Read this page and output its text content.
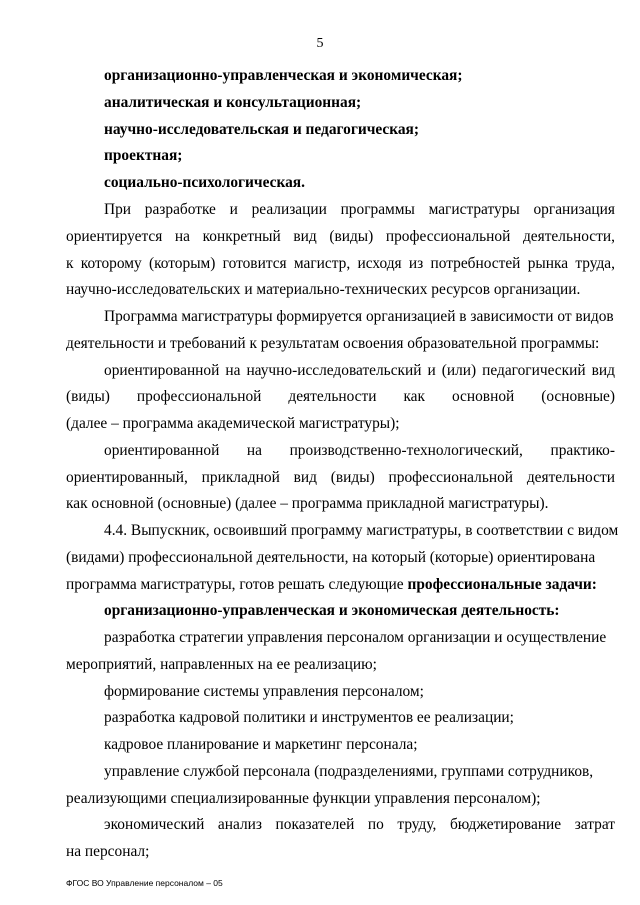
5
организационно-управленческая и экономическая;
аналитическая и консультационная;
научно-исследовательская и педагогическая;
проектная;
социально-психологическая.
При разработке и реализации программы магистратуры организация
ориентируется на конкретный вид (виды) профессиональной деятельности,
к которому (которым) готовится магистр, исходя из потребностей рынка труда,
научно-исследовательских и материально-технических ресурсов организации.
Программа магистратуры формируется организацией в зависимости от видов
деятельности и требований к результатам освоения образовательной программы:
ориентированной на научно-исследовательский и (или) педагогический вид
(виды) профессиональной деятельности как основной (основные)
(далее – программа академической магистратуры);
ориентированной на производственно-технологический, практико-
ориентированный, прикладной вид (виды) профессиональной деятельности
как основной (основные) (далее – программа прикладной магистратуры).
4.4. Выпускник, освоивший программу магистратуры, в соответствии с видом
(видами) профессиональной деятельности, на который (которые) ориентирована
программа магистратуры, готов решать следующие профессиональные задачи:
организационно-управленческая и экономическая деятельность:
разработка стратегии управления персоналом организации и осуществление
мероприятий, направленных на ее реализацию;
формирование системы управления персоналом;
разработка кадровой политики и инструментов ее реализации;
кадровое планирование и маркетинг персонала;
управление службой персонала (подразделениями, группами сотрудников,
реализующими специализированные функции управления персоналом);
экономический анализ показателей по труду, бюджетирование затрат
на персонал;
ФГОС ВО Управление персоналом – 05
